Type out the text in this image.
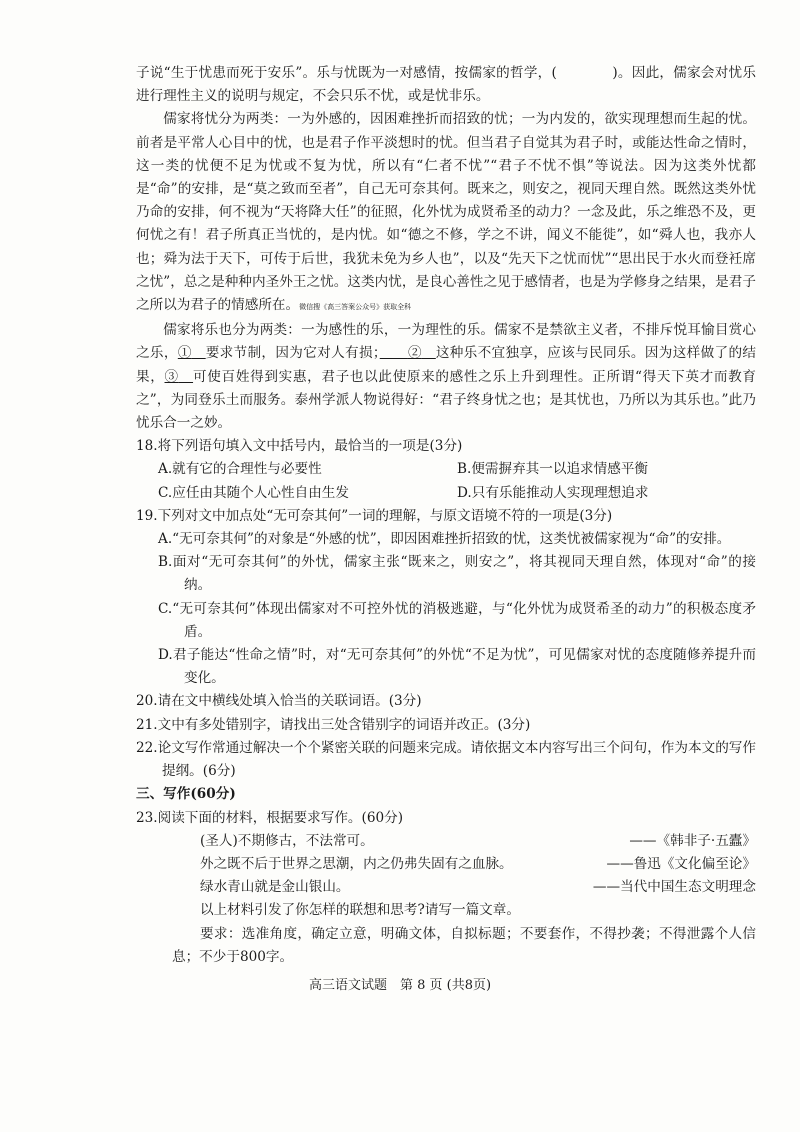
子说“生于忧患而死于安乐”。乐与忧既为一对感情，按儒家的哲学，(　　　　)。因此，儒家会对忧乐进行理性主义的说明与规定，不会只乐不忧，或是忧非乐。

儒家将忧分为两类：一为外感的，因困难挫折而招致的忧；一为内发的，欲实现理想而生起的忧。前者是平常人心目中的忧，也是君子作平淡想时的忧。但当君子自觉其为君子时，或能达性命之情时，这一类的忧便不足为忧或不复为忧，所以有“仁者不忧”“君子不忧不惧”等说法。因为这类外忧都是“命”的安排，是“莫之致而至者”，自己无可奈其何。既来之，则安之，视同天理自然。既然这类外忧乃命的安排，何不视为“天将降大任”的征照，化外忧为成贤希圣的动力？一念及此，乐之维恐不及，更何忧之有！君子所真正当忧的，是内忧。如“德之不修，学之不讲，闻义不能徙”，如“舜人也，我亦人也；舜为法于天下，可传于后世，我犹未免为乡人也”，以及“先天下之忧而忧”“思出民于水火而登衽席之忧”，总之是种种内圣外王之忧。这类内忧，是良心善性之见于感情者，也是为学修身之结果，是君子之所以为君子的情感所在。微信搜《高三答案公众号》获取全科

儒家将乐也分为两类：一为感性的乐，一为理性的乐。儒家不是禁欲主义者，不排斥悦耳愉目赏心之乐，①　 要求节制，因为它对人有损；　　 ②　 这种乐不宜独享，应该与民同乐。因为这样做了的结果，③　 可使百姓得到实惠，君子也以此使原来的感性之乐上升到理性。正所谓“得天下英才而教育之”，为同登乐土而服务。泰州学派人物说得好：“君子终身忧之也；是其忧也，乃所以为其乐也。”此乃忧乐合一之妙。

18.将下列语句填入文中括号内，最恰当的一项是(3分)

A.就有它的合理性与必要性	B.便需摒弃其一以追求情感平衡
C.应任由其随个人心性自由生发	D.只有乐能推动人实现理想追求

19.下列对文中加点处“无可奈其何”一词的理解，与原文语境不符的一项是(3分)

A.“无可奈其何”的对象是“外感的忧”，即因困难挫折招致的忧，这类忧被儒家视为“命”的安排。

B.面对“无可奈其何”的外忧，儒家主张“既来之，则安之”，将其视同天理自然，体现对“命”的接纳。

C.“无可奈其何”体现出儒家对不可控外忧的消极逃避，与“化外忧为成贤希圣的动力”的积极态度矛盾。

D.君子能达“性命之情”时，对“无可奈其何”的外忧“不足为忧”，可见儒家对忧的态度随修养提升而变化。

20.请在文中横线处填入恰当的关联词语。(3分)

21.文中有多处错别字，请找出三处含错别字的词语并改正。(3分)

22.论文写作常通过解决一个个紧密关联的问题来完成。请依据文本内容写出三个问句，作为本文的写作提纲。(6分)

三、写作(60分)

23.阅读下面的材料，根据要求写作。(60分)

(圣人)不期修古，不法常可。	——《韩非子·五蠹》
外之既不后于世界之思潮，内之仍弗失固有之血脉。	——鲁迅《文化偏至论》
绿水青山就是金山银山。	——当代中国生态文明理念

以上材料引发了你怎样的联想和思考?请写一篇文章。

要求：选准角度，确定立意，明确文体，自拟标题；不要套作，不得抄袭；不得泄露个人信息；不少于800字。

高三语文试题　第 8 页 (共8页)
